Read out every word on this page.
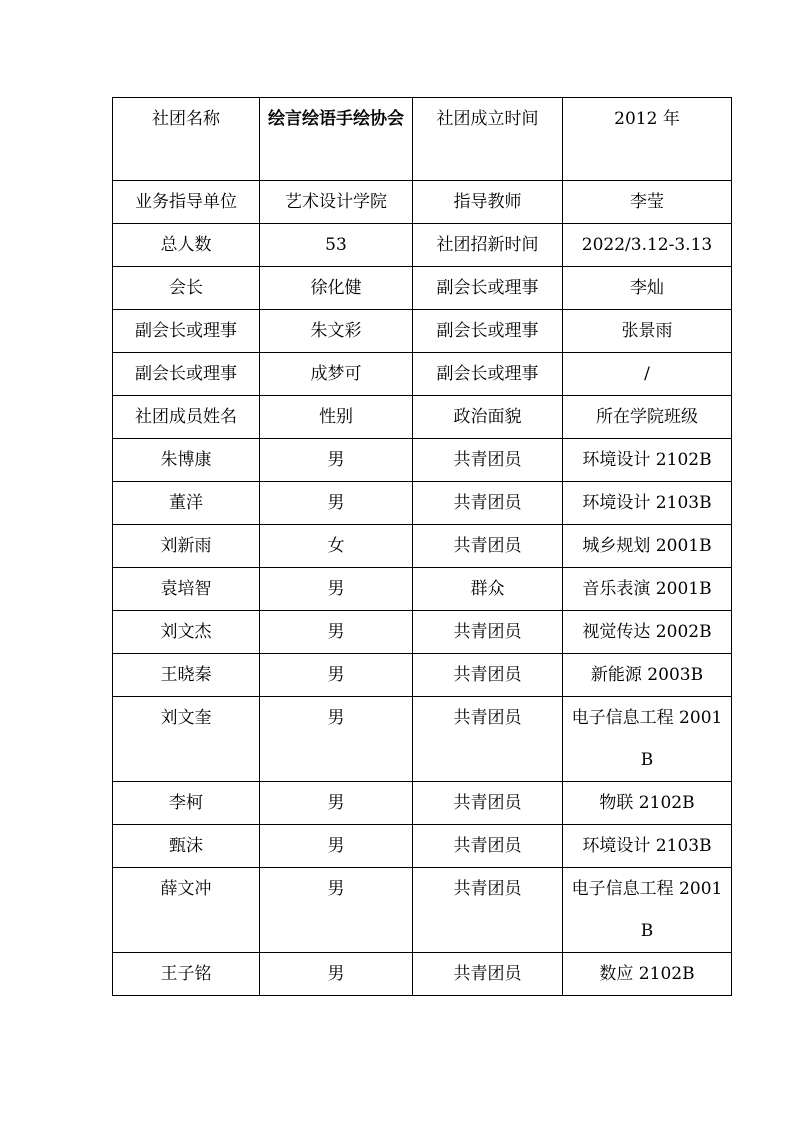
社团名称	绘言绘语手绘协会	社团成立时间	2012 年
业务指导单位	艺术设计学院	指导教师	李莹
总人数	53	社团招新时间	2022/3.12-3.13
会长	徐化健	副会长或理事	李灿
副会长或理事	朱文彩	副会长或理事	张景雨
副会长或理事	成梦可	副会长或理事	/
社团成员姓名	性别	政治面貌	所在学院班级
朱博康	男	共青团员	环境设计 2102B
董洋	男	共青团员	环境设计 2103B
刘新雨	女	共青团员	城乡规划 2001B
袁培智	男	群众	音乐表演 2001B
刘文杰	男	共青团员	视觉传达 2002B
王晓秦	男	共青团员	新能源 2003B
刘文奎	男	共青团员	电子信息工程 2001B
李柯	男	共青团员	物联 2102B
甄沫	男	共青团员	环境设计 2103B
薛文冲	男	共青团员	电子信息工程 2001B
王子铭	男	共青团员	数应 2102B
